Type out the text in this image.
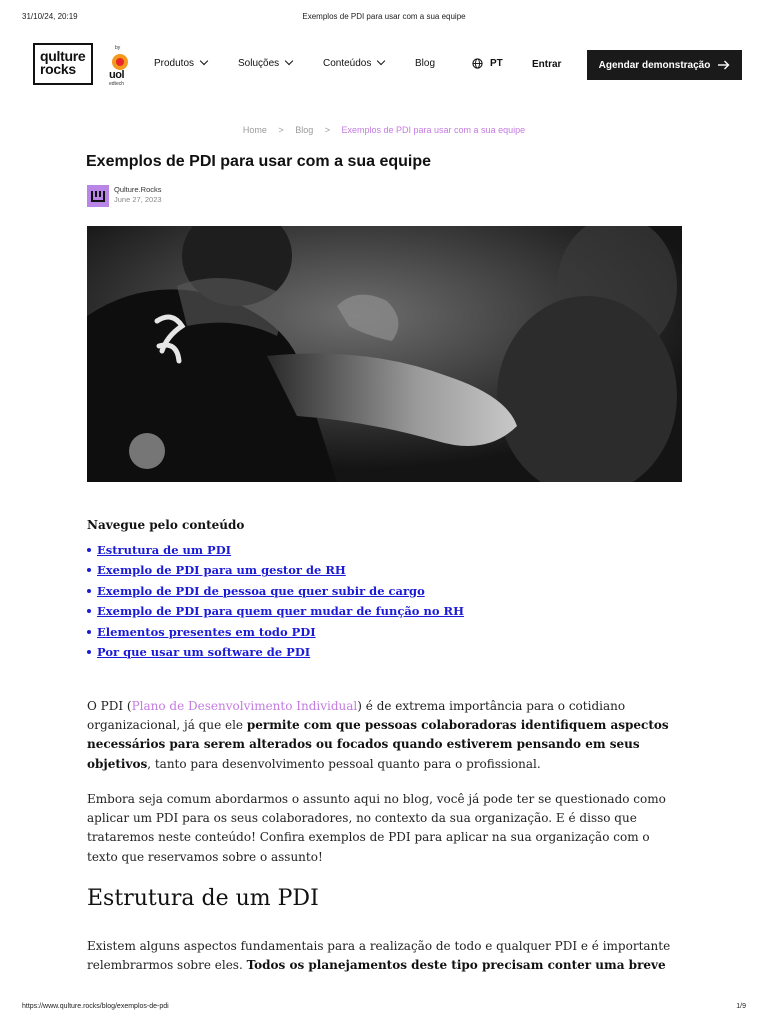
31/10/24, 20:19	Exemplos de PDI para usar com a sua equipe
qulture
rocks
by
uol
edtech
Produtos	Soluções	Conteúdos	Blog	PT	Entrar	Agendar demonstração
Home > Blog > Exemplos de PDI para usar com a sua equipe
Exemplos de PDI para usar com a sua equipe
Qulture.Rocks
June 27, 2023
Navegue pelo conteúdo
Estrutura de um PDI
Exemplo de PDI para um gestor de RH
Exemplo de PDI de pessoa que quer subir de cargo
Exemplo de PDI para quem quer mudar de função no RH
Elementos presentes em todo PDI
Por que usar um software de PDI

O PDI (Plano de Desenvolvimento Individual) é de extrema importância para o cotidiano organizacional, já que ele permite com que pessoas colaboradoras identifiquem aspectos necessários para serem alterados ou focados quando estiverem pensando em seus objetivos, tanto para desenvolvimento pessoal quanto para o profissional.

Embora seja comum abordarmos o assunto aqui no blog, você já pode ter se questionado como aplicar um PDI para os seus colaboradores, no contexto da sua organização. E é disso que trataremos neste conteúdo! Confira exemplos de PDI para aplicar na sua organização com o texto que reservamos sobre o assunto!

Estrutura de um PDI

Existem alguns aspectos fundamentais para a realização de todo e qualquer PDI e é importante relembrarmos sobre eles. Todos os planejamentos deste tipo precisam conter uma breve

https://www.qulture.rocks/blog/exemplos-de-pdi	1/9
